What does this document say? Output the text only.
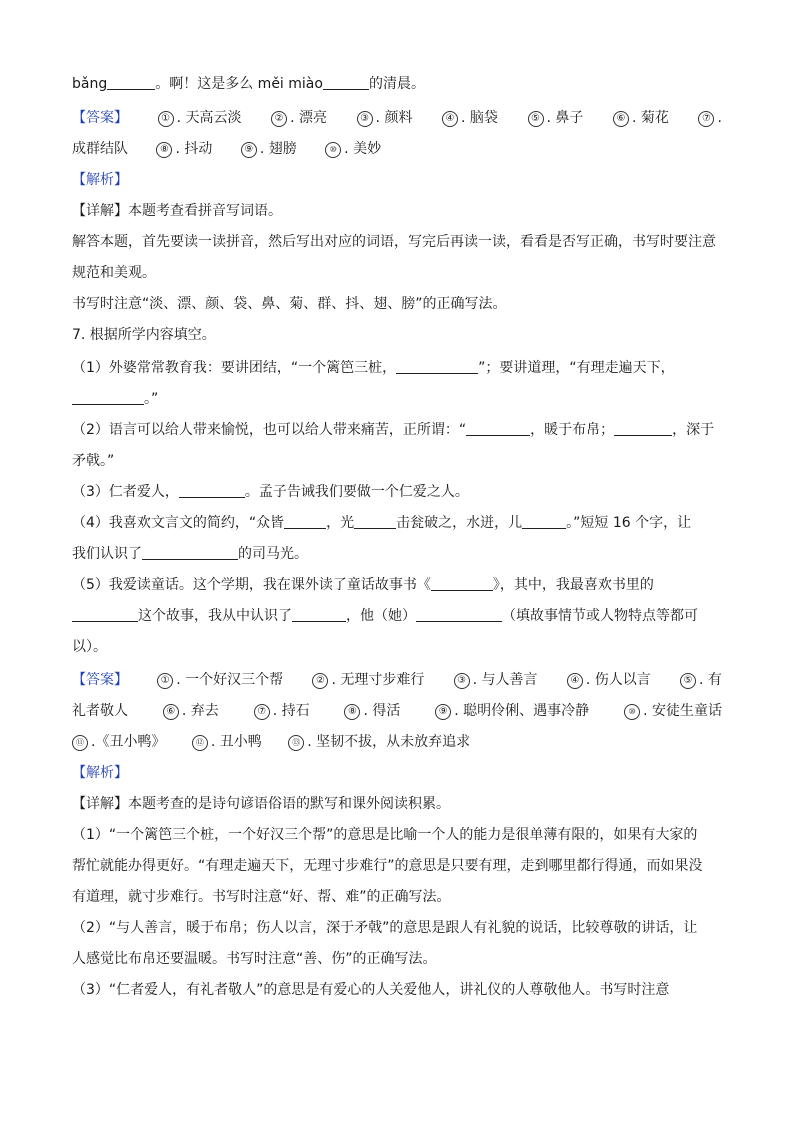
bǎng	。啊！这是多么 měi miào	的清晨。
【答案】	① . 天高云淡	② . 漂亮	③ . 颜料	④ . 脑袋	⑤ . 鼻子	⑥ . 菊花	⑦ .
成群结队	⑧ . 抖动	⑨ . 翅膀	⑩ . 美妙
【解析】
【详解】本题考查看拼音写词语。
解答本题，首先要读一读拼音，然后写出对应的词语，写完后再读一读，看看是否写正确，书写时要注意
规范和美观。
书写时注意“淡、漂、颜、袋、鼻、菊、群、抖、翅、膀”的正确写法。
7. 根据所学内容填空。
（1）外婆常常教育我：要讲团结，“一个篱笆三桩，	”；要讲道理，“有理走遍天下，
。”
（2）语言可以给人带来愉悦，也可以给人带来痛苦，正所谓：“	，暖于布帛；	，深于
矛戟。”
（3）仁者爱人，	。孟子告诫我们要做一个仁爱之人。
（4）我喜欢文言文的简约，“众皆	，光	击瓮破之，水迸，儿	。”短短 16 个字，让
我们认识了	的司马光。
（5）我爱读童话。这个学期，我在课外读了童话故事书《	》，其中，我最喜欢书里的
这个故事，我从中认识了	，他（她）	（填故事情节或人物特点等都可
以）。
【答案】	① . 一个好汉三个帮	② . 无理寸步难行	③ . 与人善言	④ . 伤人以言	⑤ . 有
礼者敬人	⑥ . 弃去	⑦ . 持石	⑧ . 得活	⑨ . 聪明伶俐、遇事冷静	⑩ . 安徒生童话
⑪ .《丑小鸭》	⑫ . 丑小鸭	⑬ . 坚韧不拔，从未放弃追求
【解析】
【详解】本题考查的是诗句谚语俗语的默写和课外阅读积累。
（1）“一个篱笆三个桩，一个好汉三个帮”的意思是比喻一个人的能力是很单薄有限的，如果有大家的
帮忙就能办得更好。“有理走遍天下，无理寸步难行”的意思是只要有理，走到哪里都行得通，而如果没
有道理，就寸步难行。书写时注意“好、帮、难”的正确写法。
（2）“与人善言，暖于布帛；伤人以言，深于矛戟”的意思是跟人有礼貌的说话，比较尊敬的讲话，让
人感觉比布帛还要温暖。书写时注意“善、伤”的正确写法。
（3）“仁者爱人，有礼者敬人”的意思是有爱心的人关爱他人，讲礼仪的人尊敬他人。书写时注意
